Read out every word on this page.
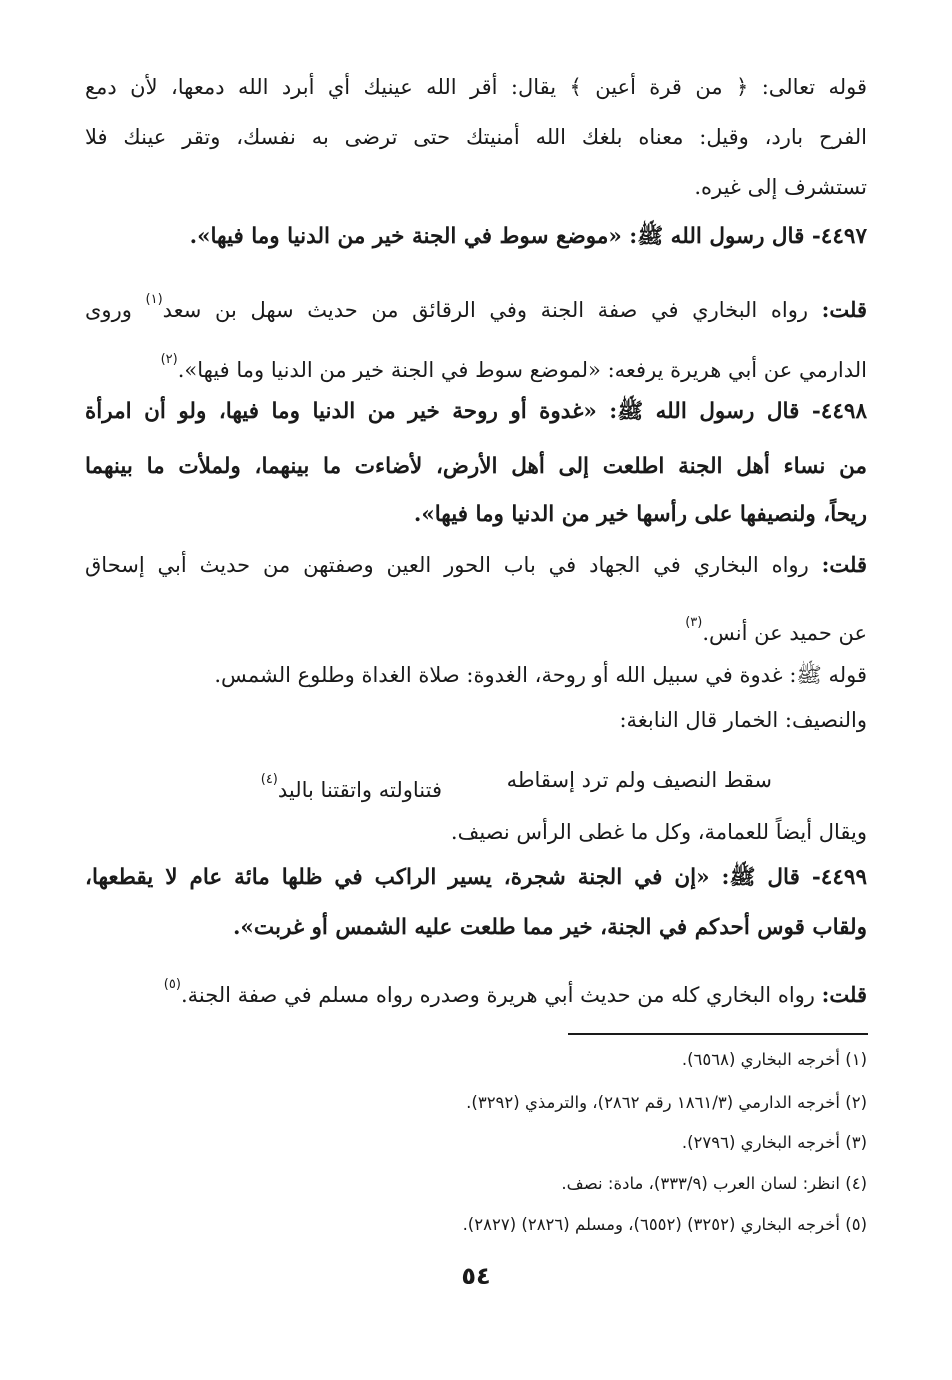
قوله تعالى: ﴿ من قرة أعين ﴾ يقال: أقر الله عينيك أي أبرد الله دمعها، لأن دمع
الفرح بارد، وقيل: معناه بلغك الله أمنيتك حتى ترضى به نفسك، وتقر عينك فلا
تستشرف إلى غيره.
٤٤٩٧- قال رسول الله ﷺ: «موضع سوط في الجنة خير من الدنيا وما فيها».
قلت: رواه البخاري في صفة الجنة وفي الرقائق من حديث سهل بن سعد$^{(١)}$ وروى
الدارمي عن أبي هريرة يرفعه: «لموضع سوط في الجنة خير من الدنيا وما فيها».$^{(٢)}$
٤٤٩٨- قال رسول الله ﷺ: «غدوة أو روحة خير من الدنيا وما فيها، ولو أن امرأة
من نساء أهل الجنة اطلعت إلى أهل الأرض، لأضاءت ما بينهما، ولملأت ما بينهما
ريحاً، ولنصيفها على رأسها خير من الدنيا وما فيها».
قلت: رواه البخاري في الجهاد في باب الحور العين وصفتهن من حديث أبي إسحاق
عن حميد عن أنس.$^{(٣)}$
قوله ﷺ: غدوة في سبيل الله أو روحة، الغدوة: صلاة الغداة وطلوع الشمس.
والنصيف: الخمار قال النابغة:
سقط النصيف ولم ترد إسقاطه
فتناولته واتقتنا باليد$^{(٤)}$
ويقال أيضاً للعمامة، وكل ما غطى الرأس نصيف.
٤٤٩٩- قال ﷺ: «إن في الجنة شجرة، يسير الراكب في ظلها مائة عام لا يقطعها،
ولقاب قوس أحدكم في الجنة، خير مما طلعت عليه الشمس أو غربت».
قلت: رواه البخاري كله من حديث أبي هريرة وصدره رواه مسلم في صفة الجنة.$^{(٥)}$
(١) أخرجه البخاري (٦٥٦٨).
(٢) أخرجه الدارمي (١٨٦١/٣ رقم ٢٨٦٢)، والترمذي (٣٢٩٢).
(٣) أخرجه البخاري (٢٧٩٦).
(٤) انظر: لسان العرب (٣٣٣/٩)، مادة: نصف.
(٥) أخرجه البخاري (٣٢٥٢) (٦٥٥٢)، ومسلم (٢٨٢٦) (٢٨٢٧).
٥٤
